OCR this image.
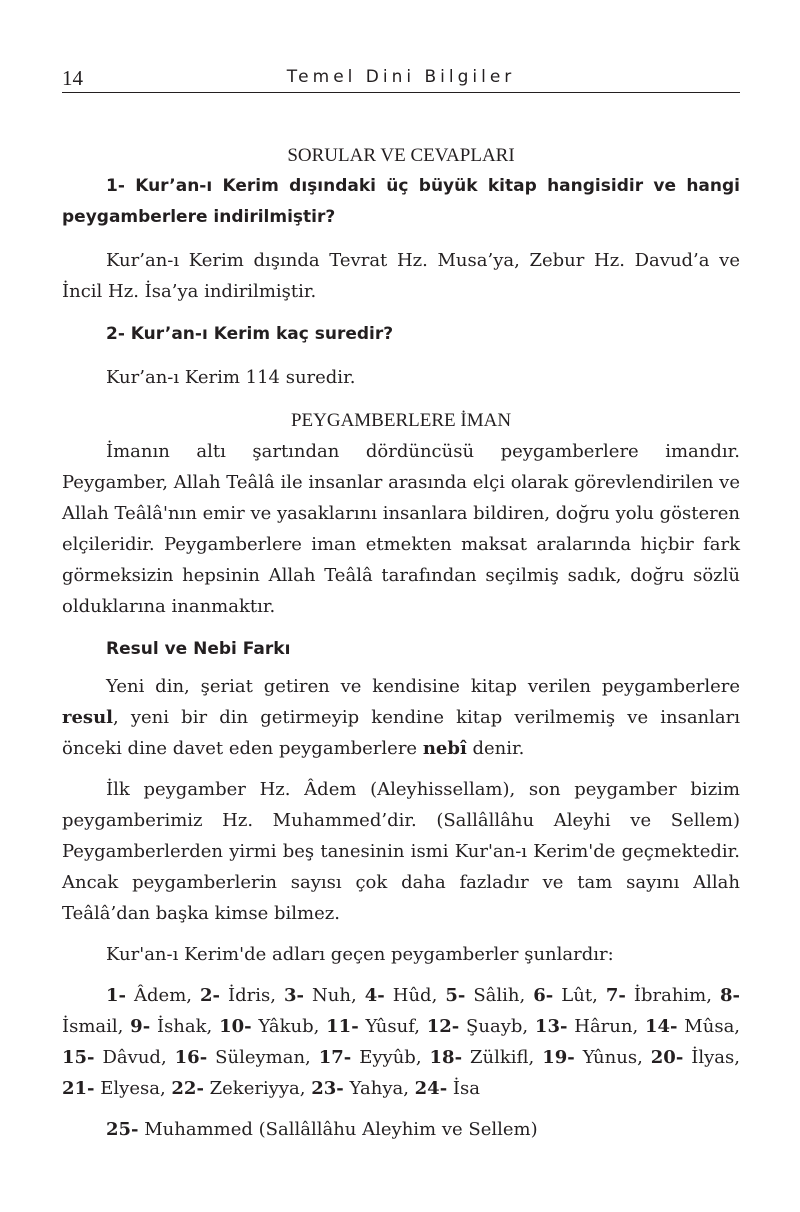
14	Temel Dini Bilgiler

SORULAR VE CEVAPLARI

1- Kur’an-ı Kerim dışındaki üç büyük kitap hangisidir ve hangi peygamberlere indirilmiştir?

Kur’an-ı Kerim dışında Tevrat Hz. Musa’ya, Zebur Hz. Davud’a ve İncil Hz. İsa’ya indirilmiştir.

2- Kur’an-ı Kerim kaç suredir?

Kur’an-ı Kerim 114 suredir.

PEYGAMBERLERE İMAN

İmanın altı şartından dördüncüsü peygamberlere imandır. Peygamber, Allah Teâlâ ile insanlar arasında elçi olarak görevlendirilen ve Allah Teâlâ'nın emir ve yasaklarını insanlara bildiren, doğru yolu gösteren elçileridir. Peygamberlere iman etmekten maksat aralarında hiçbir fark görmeksizin hepsinin Allah Teâlâ tarafından seçilmiş sadık, doğru sözlü olduklarına inanmaktır.

Resul ve Nebi Farkı

Yeni din, şeriat getiren ve kendisine kitap verilen peygamberlere resul, yeni bir din getirmeyip kendine kitap verilmemiş ve insanları önceki dine davet eden peygamberlere nebî denir.

İlk peygamber Hz. Âdem (Aleyhissellam), son peygamber bizim peygamberimiz Hz. Muhammed’dir. (Sallâllâhu Aleyhi ve Sellem) Peygamberlerden yirmi beş tanesinin ismi Kur'an-ı Kerim'de geçmektedir. Ancak peygamberlerin sayısı çok daha fazladır ve tam sayını Allah Teâlâ’dan başka kimse bilmez.

Kur'an-ı Kerim'de adları geçen peygamberler şunlardır:

1- Âdem, 2- İdris, 3- Nuh, 4- Hûd, 5- Sâlih, 6- Lût, 7- İbrahim, 8- İsmail, 9- İshak, 10- Yâkub, 11- Yûsuf, 12- Şuayb, 13- Hârun, 14- Mûsa, 15- Dâvud, 16- Süleyman, 17- Eyyûb, 18- Zülkifl, 19- Yûnus, 20- İlyas, 21- Elyesa, 22- Zekeriyya, 23- Yahya, 24- İsa

25- Muhammed (Sallâllâhu Aleyhim ve Sellem)
